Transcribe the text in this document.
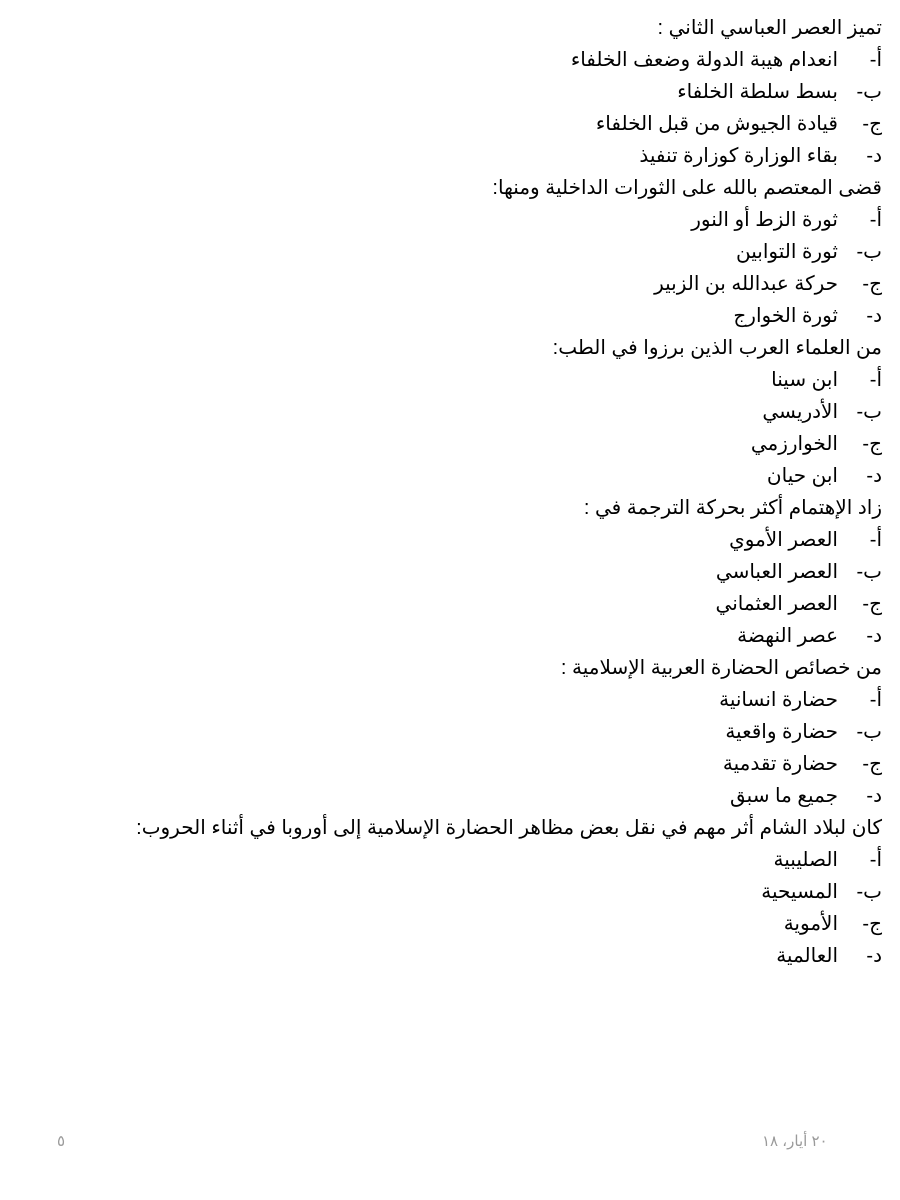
تميز العصر العباسي الثاني :
أ-
انعدام هيبة الدولة وضعف الخلفاء
ب-
بسط سلطة الخلفاء
ج-
قيادة الجيوش من قبل الخلفاء
د-
بقاء الوزارة كوزارة تنفيذ
قضى المعتصم بالله على الثورات الداخلية ومنها:
أ-
ثورة الزط أو النور
ب-
ثورة التوابين
ج-
حركة عبدالله بن الزبير
د-
ثورة الخوارج
من العلماء العرب الذين برزوا في الطب:
أ-
ابن سينا
ب-
الأدريسي
ج-
الخوارزمي
د-
ابن حيان
زاد الإهتمام أكثر بحركة الترجمة في :
أ-
العصر الأموي
ب-
العصر العباسي
ج-
العصر العثماني
د-
عصر النهضة
من خصائص الحضارة العربية الإسلامية :
أ-
حضارة انسانية
ب-
حضارة واقعية
ج-
حضارة تقدمية
د-
جميع ما سبق
كان لبلاد الشام أثر مهم في نقل بعض مظاهر الحضارة الإسلامية إلى أوروبا في أثناء الحروب:
أ-
الصليبية
ب-
المسيحية
ج-
الأموية
د-
العالمية
٥	٢٠ أيار، ١٨
